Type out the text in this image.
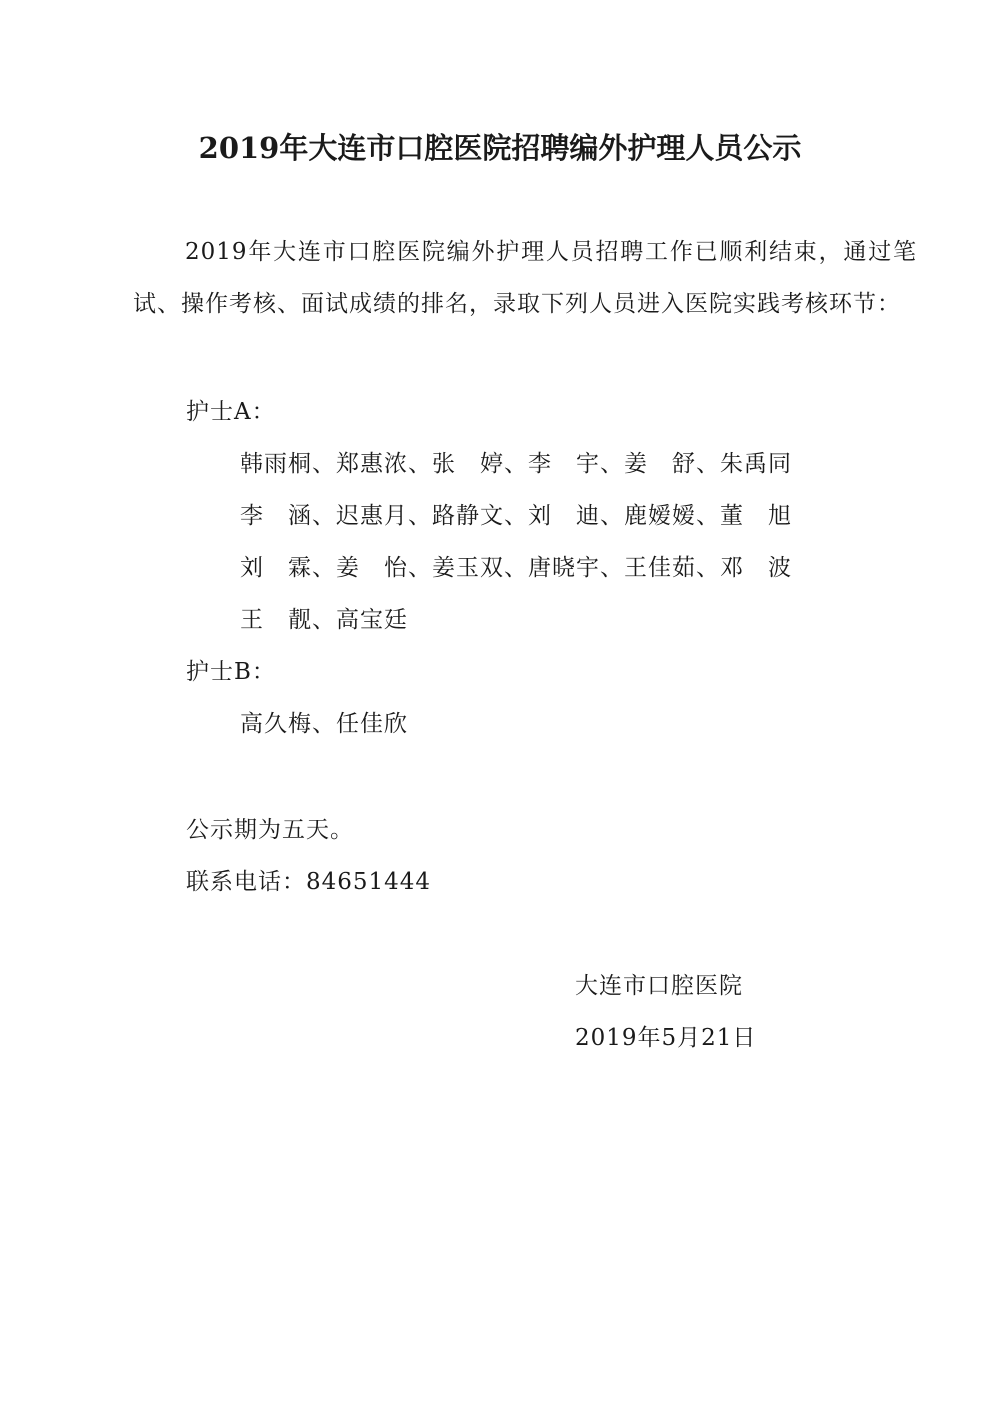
2019年大连市口腔医院招聘编外护理人员公示
2019年大连市口腔医院编外护理人员招聘工作已顺利结束，通过笔试、操作考核、面试成绩的排名，录取下列人员进入医院实践考核环节：
护士A：
韩雨桐、郑惠浓、张　婷、李　宇、姜　舒、朱禹同
李　涵、迟惠月、路静文、刘　迪、鹿嫒嫒、董　旭
刘　霖、姜　怡、姜玉双、唐晓宇、王佳茹、邓　波
王　靓、高宝廷
护士B：
高久梅、任佳欣
公示期为五天。
联系电话：84651444
大连市口腔医院
2019年5月21日
